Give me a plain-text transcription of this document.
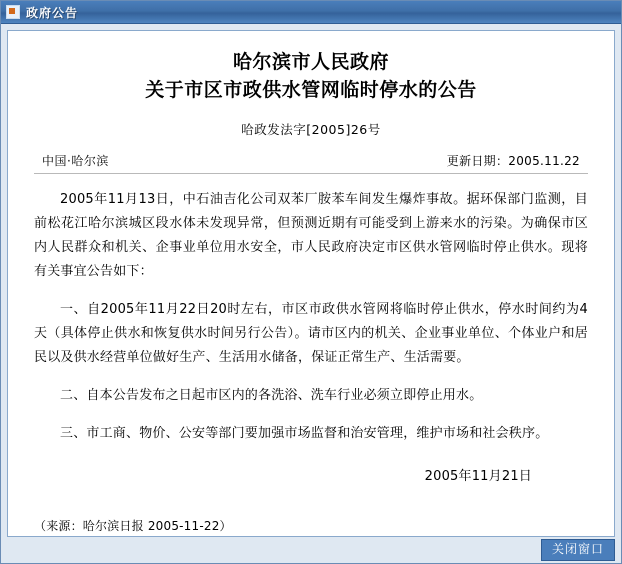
政府公告
哈尔滨市人民政府
关于市区市政供水管网临时停水的公告
哈政发法字[2005]26号
中国·哈尔滨	更新日期：2005.11.22

2005年11月13日，中石油吉化公司双苯厂胺苯车间发生爆炸事故。据环保部门监测，目前松花江哈尔滨城区段水体未发现异常，但预测近期有可能受到上游来水的污染。为确保市区内人民群众和机关、企事业单位用水安全，市人民政府决定市区供水管网临时停止供水。现将有关事宜公告如下：

一、自2005年11月22日20时左右，市区市政供水管网将临时停止供水，停水时间约为4天（具体停止供水和恢复供水时间另行公告）。请市区内的机关、企业事业单位、个体业户和居民以及供水经营单位做好生产、生活用水储备，保证正常生产、生活需要。

二、自本公告发布之日起市区内的各洗浴、洗车行业必须立即停止用水。

三、市工商、物价、公安等部门要加强市场监督和治安管理，维护市场和社会秩序。

2005年11月21日

（来源：哈尔滨日报 2005-11-22）

关闭窗口
